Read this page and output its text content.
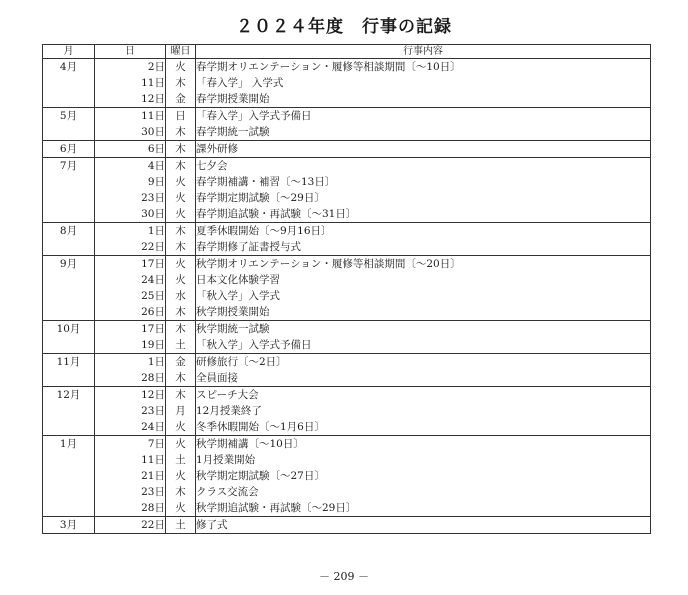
２０２４年度　行事の記録
月	日	曜日	行事内容
4月	2日	火	春学期オリエンテーション・履修等相談期間〔～10日〕
	11日	木	「春入学」 入学式
	12日	金	春学期授業開始
5月	11日	日	「春入学」入学式予備日
	30日	木	春学期統一試験
6月	6日	木	課外研修
7月	4日	木	七夕会
	9日	火	春学期補講・補習〔～13日〕
	23日	火	春学期定期試験〔～29日〕
	30日	火	春学期追試験・再試験〔～31日〕
8月	1日	木	夏季休暇開始〔～9月16日〕
	22日	木	春学期修了証書授与式
9月	17日	火	秋学期オリエンテーション・履修等相談期間〔～20日〕
	24日	火	日本文化体験学習
	25日	水	「秋入学」入学式
	26日	木	秋学期授業開始
10月	17日	木	秋学期統一試験
	19日	土	「秋入学」入学式予備日
11月	1日	金	研修旅行〔～2日〕
	28日	木	全員面接
12月	12日	木	スピーチ大会
	23日	月	12月授業終了
	24日	火	冬季休暇開始〔～1月6日〕
1月	7日	火	秋学期補講〔～10日〕
	11日	土	1月授業開始
	21日	火	秋学期定期試験〔～27日〕
	23日	木	クラス交流会
	28日	火	秋学期追試験・再試験〔～29日〕
3月	22日	土	修了式
－ 209 －
